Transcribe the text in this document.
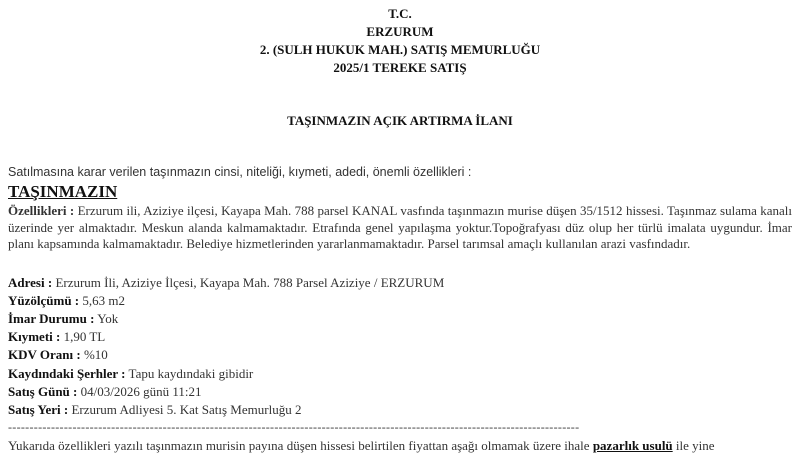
T.C.
ERZURUM
2. (SULH HUKUK MAH.) SATIŞ MEMURLUĞU
2025/1 TEREKE SATIŞ
TAŞINMAZIN AÇIK ARTIRMA İLANI
Satılmasına karar verilen taşınmazın cinsi, niteliği, kıymeti, adedi, önemli özellikleri :
TAŞINMAZIN
Özellikleri : Erzurum ili, Aziziye ilçesi, Kayapa Mah. 788 parsel KANAL vasfında taşınmazın murise düşen 35/1512 hissesi. Taşınmaz sulama kanalı üzerinde yer almaktadır. Meskun alanda kalmamaktadır. Etrafında genel yapılaşma yoktur.Topoğrafyası düz olup her türlü imalata uygundur. İmar planı kapsamında kalmamaktadır. Belediye hizmetlerinden yararlanmamaktadır. Parsel tarımsal amaçlı kullanılan arazi vasfındadır.
Adresi : Erzurum İli, Aziziye İlçesi, Kayapa Mah. 788 Parsel Aziziye / ERZURUM
Yüzölçümü : 5,63 m2
İmar Durumu : Yok
Kıymeti : 1,90 TL
KDV Oranı : %10
Kaydındaki Şerhler : Tapu kaydındaki gibidir
Satış Günü : 04/03/2026 günü 11:21
Satış Yeri : Erzurum Adliyesi 5. Kat Satış Memurluğu 2
-------------------------------------------------------------------------------------------------------------------------------------
Yukarıda özellikleri yazılı taşınmazın murisin payına düşen hissesi belirtilen fiyattan aşağı olmamak üzere ihale pazarlık usulü ile yine
